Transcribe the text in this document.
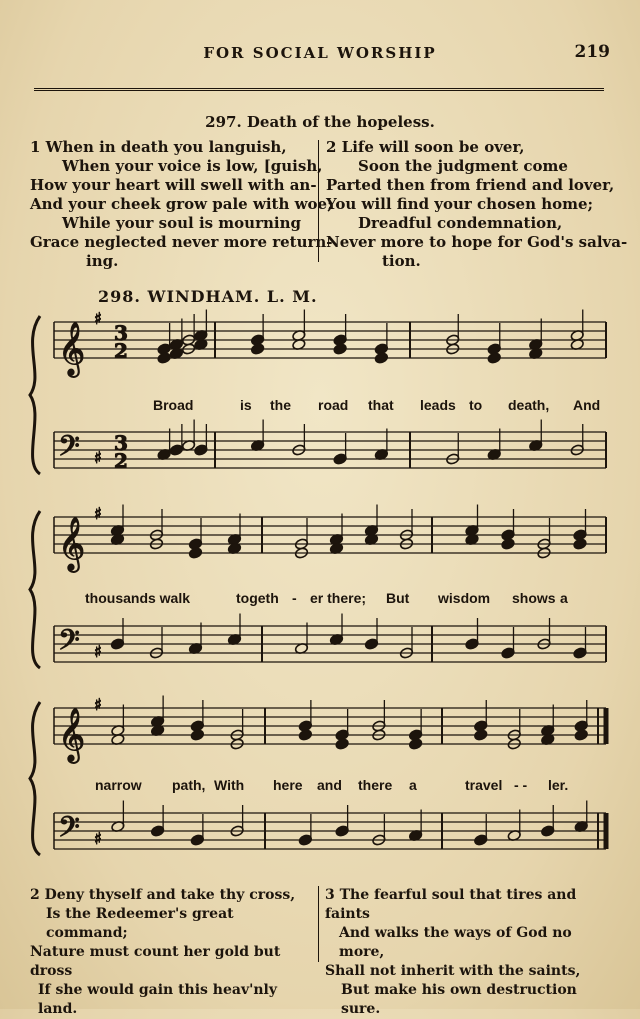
FOR SOCIAL WORSHIP	219
297. Death of the hopeless.
1 When in death you languish,
When your voice is low, [guish,
How your heart will swell with an-
And your cheek grow pale with woe;
While your soul is mourning
Grace neglected never more return-
ing.
2 Life will soon be over,
Soon the judgment come
Parted then from friend and lover,
You will find your chosen home;
Dreadful condemnation,
Never more to hope for God's salva-
tion.
298. WINDHAM. L. M.
𝄞
♯
3
2
𝄢 ♯
3
2
𝄞
♯
𝄢 ♯
𝄞
♯
𝄢 ♯
Broad	is the road that leads to death, And
thousands walk	togeth - er there; But wisdom shows a
narrow path, With here and there a	travel - - ler.
2 Deny thyself and take thy cross,
Is the Redeemer's great command;
Nature must count her gold but dross
If she would gain this heav'nly land.
3 The fearful soul that tires and faints
And walks the ways of God no more,
Shall not inherit with the saints,
But make his own destruction sure.
